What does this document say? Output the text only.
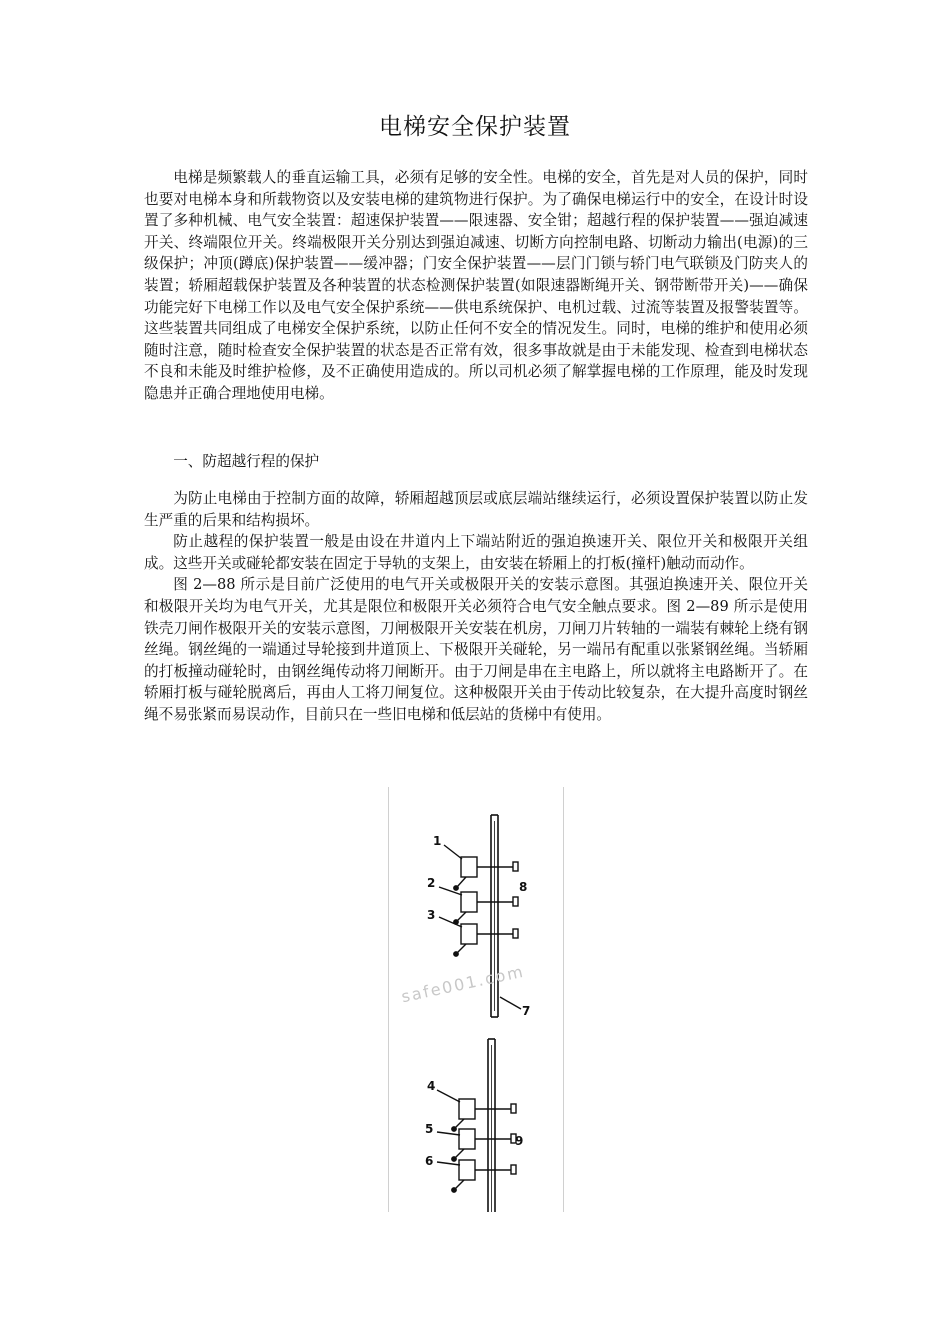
电梯安全保护装置

电梯是频繁载人的垂直运输工具，必须有足够的安全性。电梯的安全，首先是对人员的保护，同时也要对电梯本身和所载物资以及安装电梯的建筑物进行保护。为了确保电梯运行中的安全，在设计时设置了多种机械、电气安全装置：超速保护装置——限速器、安全钳；超越行程的保护装置——强迫减速开关、终端限位开关。终端极限开关分别达到强迫减速、切断方向控制电路、切断动力输出(电源)的三级保护；冲顶(蹲底)保护装置——缓冲器；门安全保护装置——层门门锁与轿门电气联锁及门防夹人的装置；轿厢超载保护装置及各种装置的状态检测保护装置(如限速器断绳开关、钢带断带开关)——确保功能完好下电梯工作以及电气安全保护系统——供电系统保护、电机过载、过流等装置及报警装置等。这些装置共同组成了电梯安全保护系统，以防止任何不安全的情况发生。同时，电梯的维护和使用必须随时注意，随时检查安全保护装置的状态是否正常有效，很多事故就是由于未能发现、检查到电梯状态不良和未能及时维护检修，及不正确使用造成的。所以司机必须了解掌握电梯的工作原理，能及时发现隐患并正确合理地使用电梯。

一、防超越行程的保护

为防止电梯由于控制方面的故障，轿厢超越顶层或底层端站继续运行，必须设置保护装置以防止发生严重的后果和结构损坏。

防止越程的保护装置一般是由设在井道内上下端站附近的强迫换速开关、限位开关和极限开关组成。这些开关或碰轮都安装在固定于导轨的支架上，由安装在轿厢上的打板(撞杆)触动而动作。

图 2—88 所示是目前广泛使用的电气开关或极限开关的安装示意图。其强迫换速开关、限位开关和极限开关均为电气开关，尤其是限位和极限开关必须符合电气安全触点要求。图 2—89 所示是使用铁壳刀闸作极限开关的安装示意图，刀闸极限开关安装在机房，刀闸刀片转轴的一端装有棘轮上绕有钢丝绳。钢丝绳的一端通过导轮接到井道顶上、下极限开关碰轮，另一端吊有配重以张紧钢丝绳。当轿厢的打板撞动碰轮时，由钢丝绳传动将刀闸断开。由于刀闸是串在主电路上，所以就将主电路断开了。在轿厢打板与碰轮脱离后，再由人工将刀闸复位。这种极限开关由于传动比较复杂，在大提升高度时钢丝绳不易张紧而易误动作，目前只在一些旧电梯和低层站的货梯中有使用。

1
2
3
8
7
safe001.com
4
5
9
6
